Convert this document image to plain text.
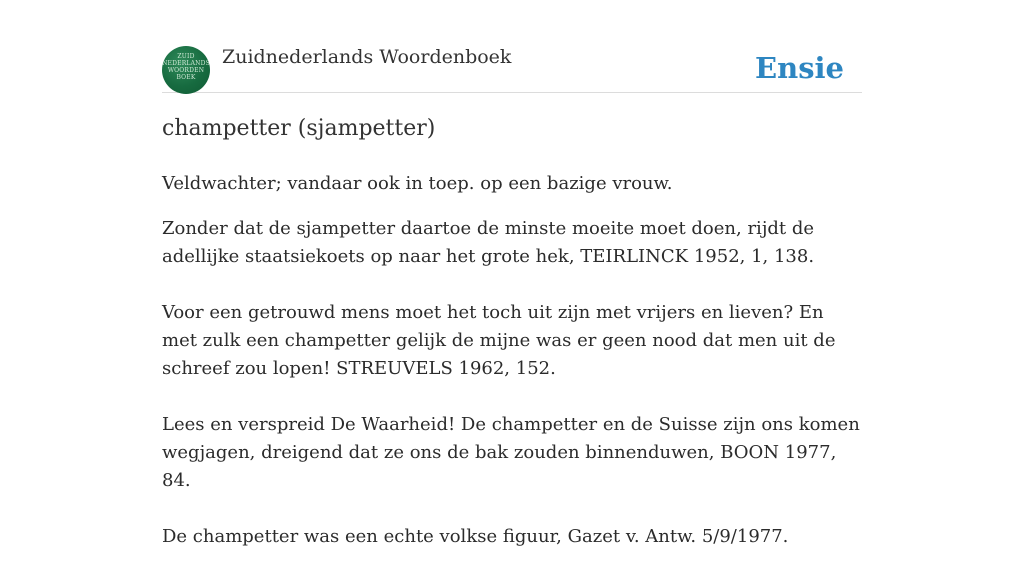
ZUID
NEDERLANDS
WOORDEN
BOEK
Zuidnederlands Woordenboek	Ensie
champetter (sjampetter)
Veldwachter; vandaar ook in toep. op een bazige vrouw.

Zonder dat de sjampetter daartoe de minste moeite moet doen, rijdt de adellijke staatsiekoets op naar het grote hek, TEIRLINCK 1952, 1, 138.

Voor een getrouwd mens moet het toch uit zijn met vrijers en lieven? En met zulk een champetter gelijk de mijne was er geen nood dat men uit de schreef zou lopen! STREUVELS 1962, 152.

Lees en verspreid De Waarheid! De champetter en de Suisse zijn ons komen wegjagen, dreigend dat ze ons de bak zouden binnenduwen, BOON 1977, 84.

De champetter was een echte volkse figuur, Gazet v. Antw. 5/9/1977.
